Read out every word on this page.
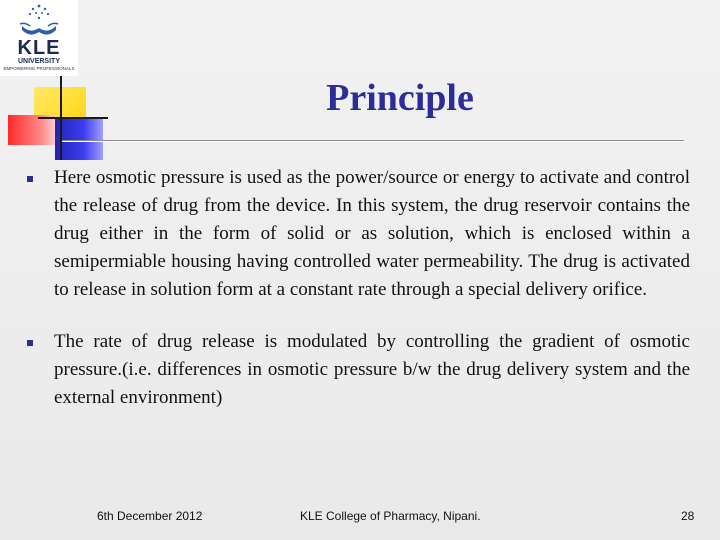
KLE
UNIVERSITY
EMPOWERING PROFESSIONALS
Principle
Here osmotic pressure is used as the power/source or energy to activate and control the release of drug from the device. In this system, the drug reservoir contains the drug either in the form of solid or as solution, which is enclosed within a semipermiable housing having controlled water permeability. The drug is activated to release in solution form at a constant rate through a special delivery orifice.
The rate of drug release is modulated by controlling the gradient of osmotic pressure.(i.e. differences in osmotic pressure b/w the drug delivery system and the external environment)
6th December 2012	KLE College of Pharmacy, Nipani.	28
